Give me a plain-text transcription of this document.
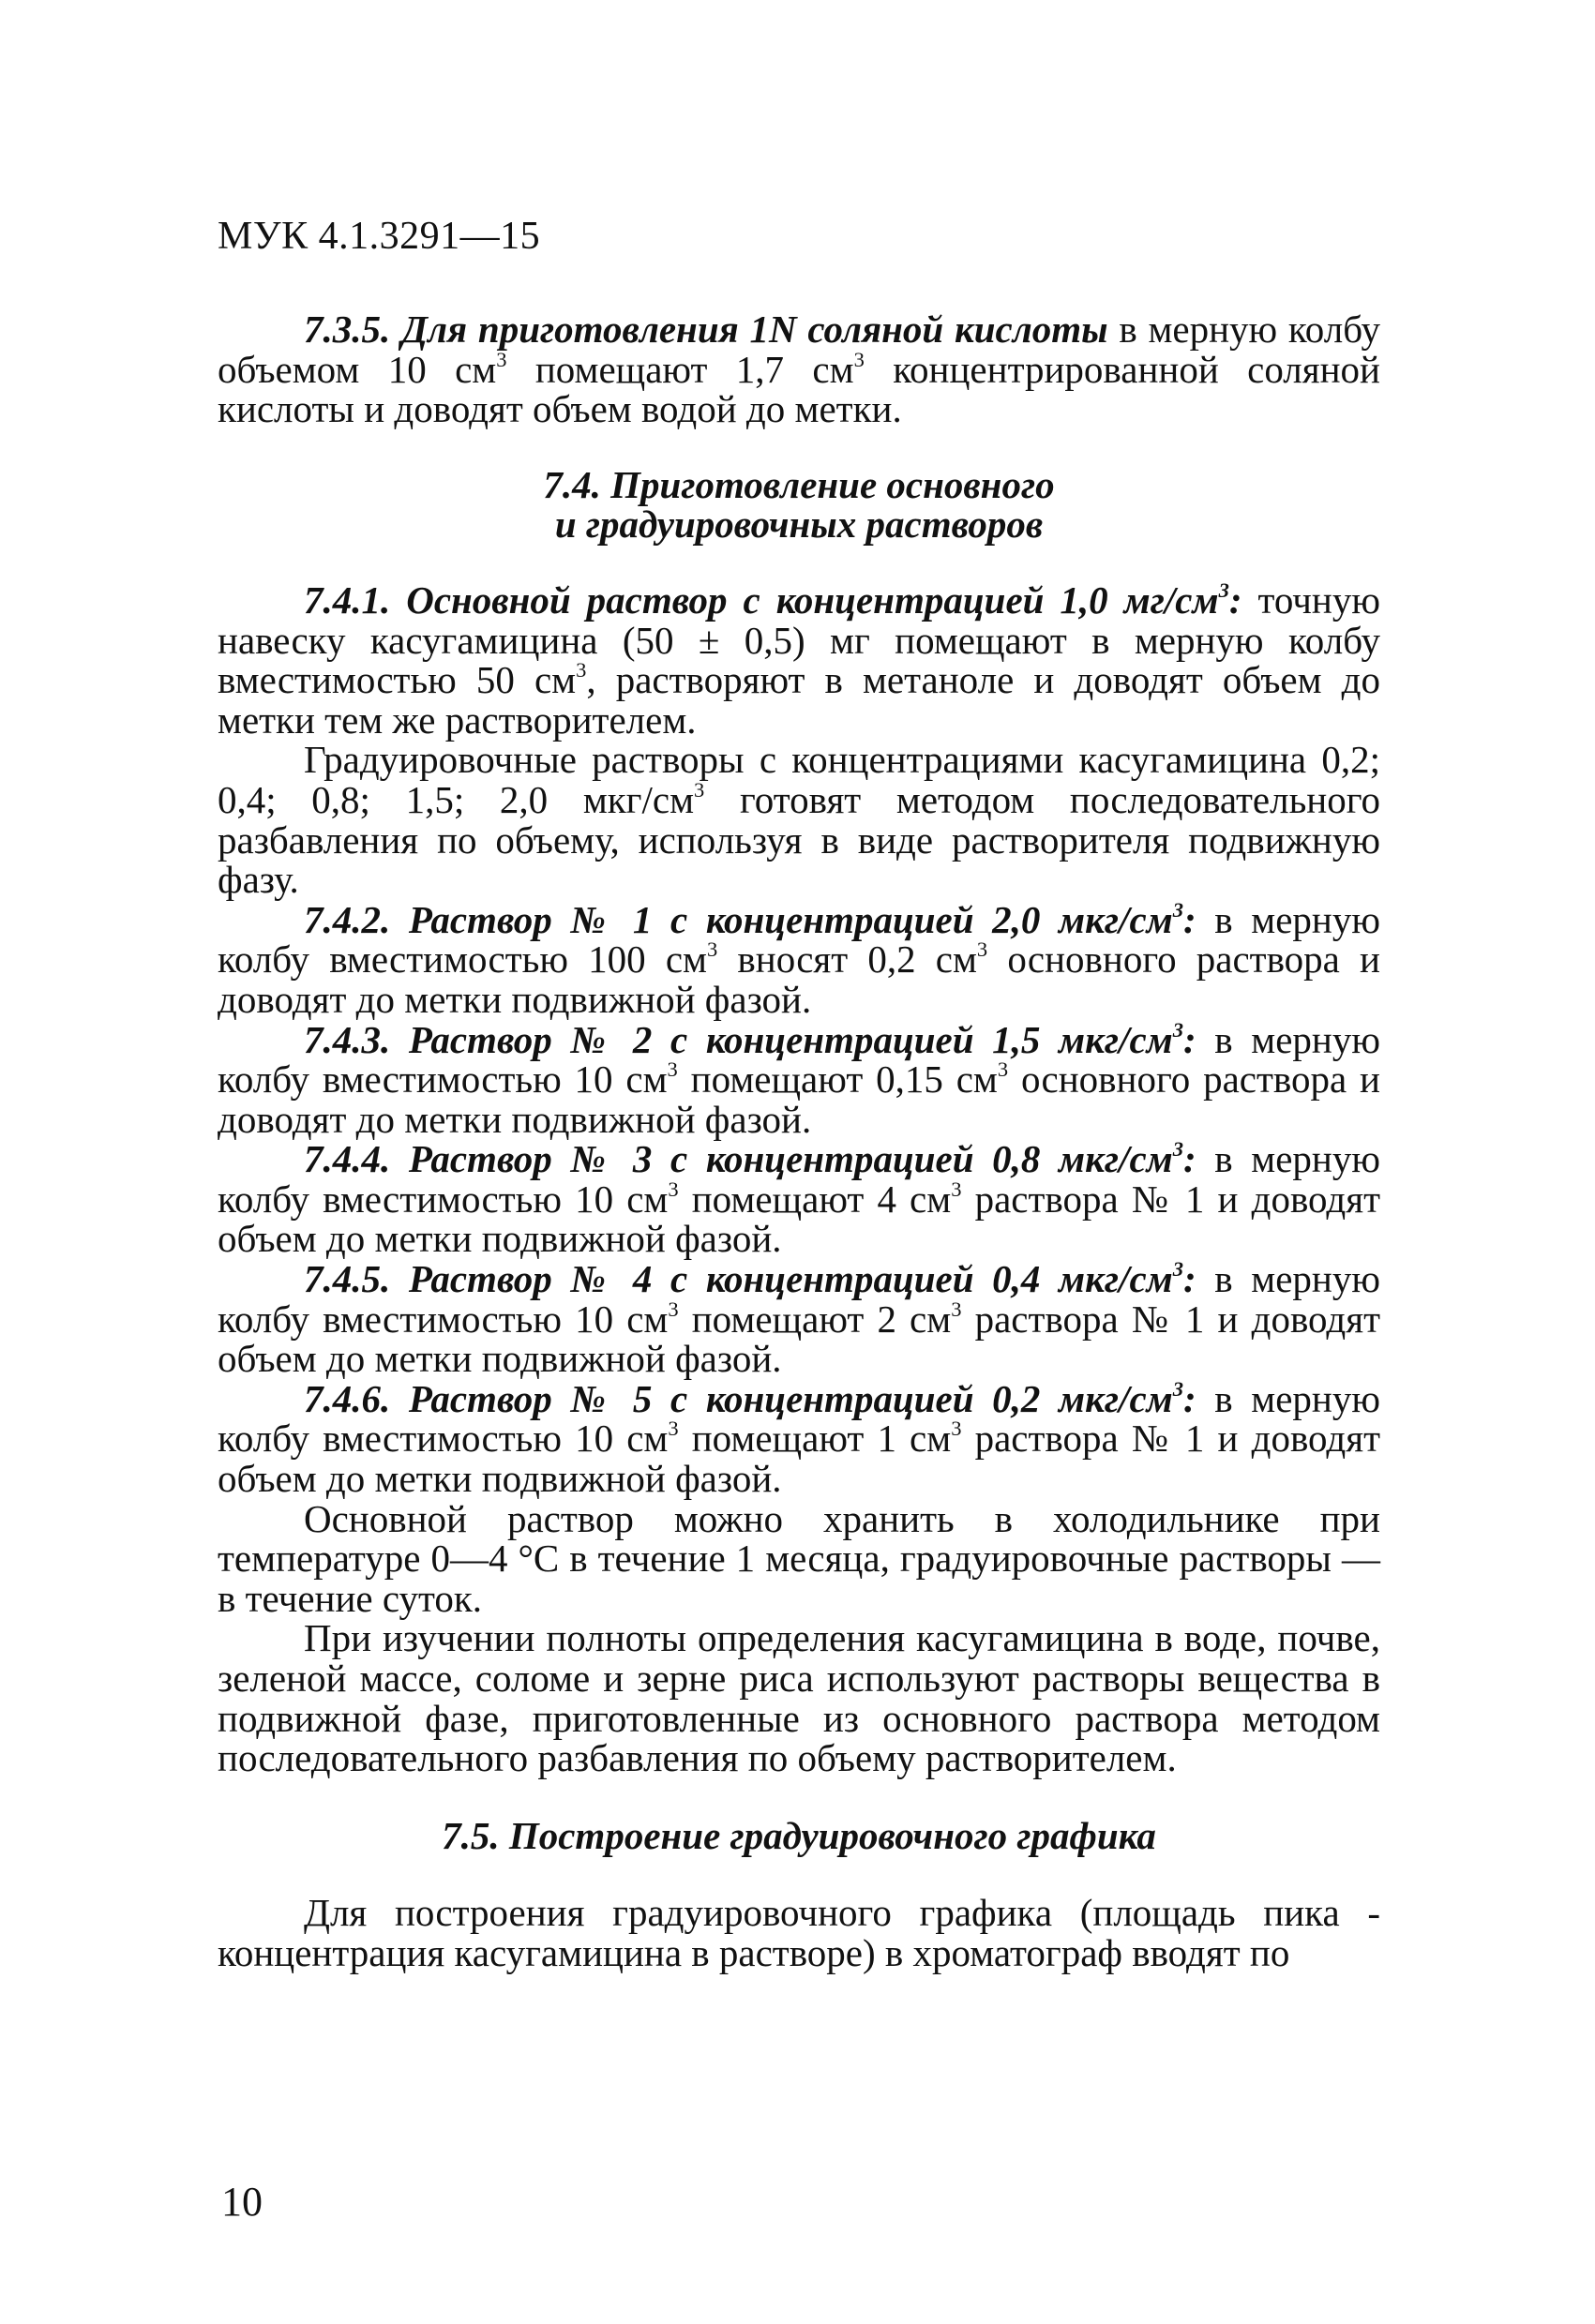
МУК 4.1.3291—15

7.3.5. Для приготовления 1N соляной кислоты в мерную колбу объемом 10 $см^3$ помещают 1,7 $см^3$ концентрированной соляной кислоты и доводят объем водой до метки.

7.4. Приготовление основного

и градуировочных растворов

7.4.1. Основной раствор с концентрацией 1,0 $мг/см^3$: точную навеску касугамицина (50 ± 0,5) мг помещают в мерную колбу вместимостью 50 $см^3$, растворяют в метаноле и доводят объем до метки тем же растворителем.

Градуировочные растворы с концентрациями касугамицина 0,2; 0,4; 0,8; 1,5; 2,0 мкг/$см^3$ готовят методом последовательного разбавления по объему, используя в виде растворителя подвижную фазу.

7.4.2. Раствор № 1 с концентрацией 2,0 мкг/$см^3$: в мерную колбу вместимостью 100 $см^3$ вносят 0,2 $см^3$ основного раствора и доводят до метки подвижной фазой.

7.4.3. Раствор № 2 с концентрацией 1,5 мкг/$см^3$: в мерную колбу вместимостью 10 $см^3$ помещают 0,15 $см^3$ основного раствора и доводят до метки подвижной фазой.

7.4.4. Раствор № 3 с концентрацией 0,8 мкг/$см^3$: в мерную колбу вместимостью 10 $см^3$ помещают 4 $см^3$ раствора № 1 и доводят объем до метки подвижной фазой.

7.4.5. Раствор № 4 с концентрацией 0,4 мкг/$см^3$: в мерную колбу вместимостью 10 $см^3$ помещают 2 $см^3$ раствора № 1 и доводят объем до метки подвижной фазой.

7.4.6. Раствор № 5 с концентрацией 0,2 мкг/$см^3$: в мерную колбу вместимостью 10 $см^3$ помещают 1 $см^3$ раствора № 1 и доводят объем до метки подвижной фазой.

Основной раствор можно хранить в холодильнике при температуре 0—4 °С в течение 1 месяца, градуировочные растворы — в течение суток.

При изучении полноты определения касугамицина в воде, почве, зеленой массе, соломе и зерне риса используют растворы вещества в подвижной фазе, приготовленные из основного раствора методом последовательного разбавления по объему растворителем.

7.5. Построение градуировочного графика

Для построения градуировочного графика (площадь пика - концентрация касугамицина в растворе) в хроматограф вводят по

10
